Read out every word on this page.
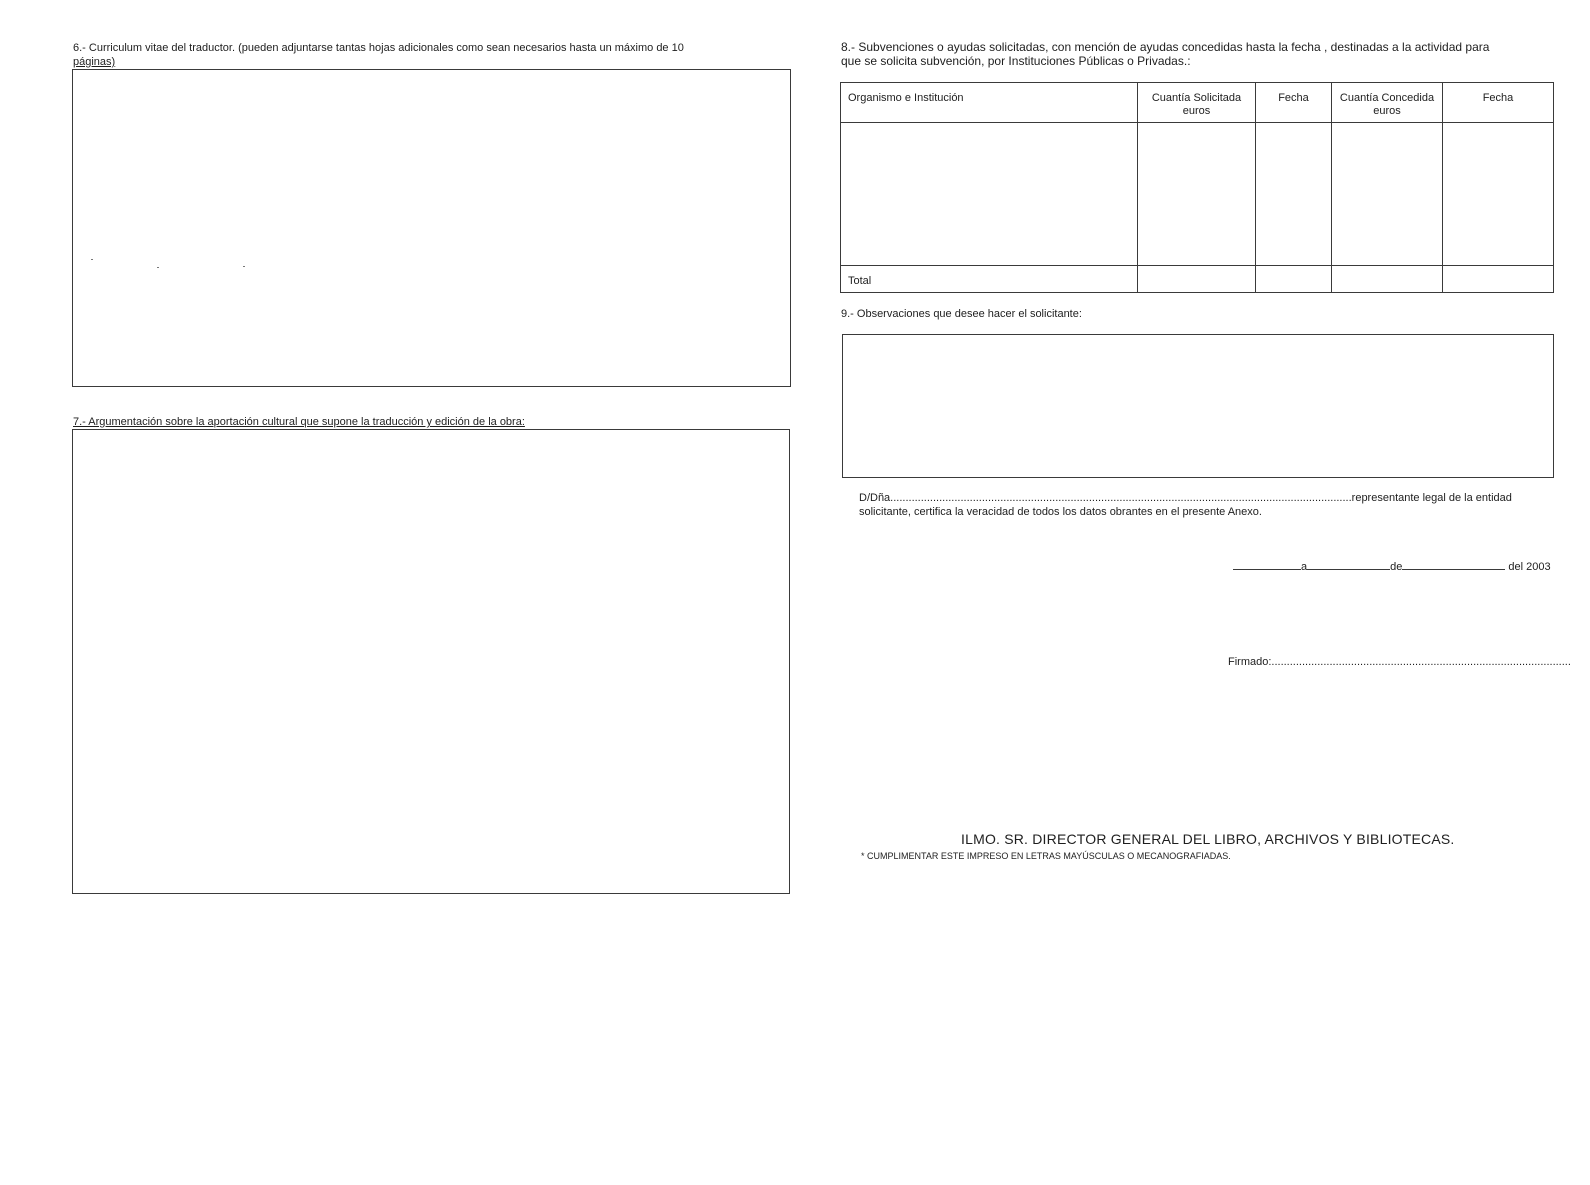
6.- Curriculum vitae del traductor. (pueden adjuntarse tantas hojas adicionales como sean necesarios hasta un máximo de 10
páginas)
7.- Argumentación sobre la aportación cultural que supone la traducción y edición de la obra:
8.- Subvenciones o ayudas solicitadas, con mención de ayudas concedidas hasta la fecha , destinadas a la actividad para
que se solicita subvención, por Instituciones Públicas o Privadas.:
Organismo e Institución	Cuantía Solicitada euros	Fecha	Cuantía Concedida euros	Fecha

Total				
9.- Observaciones que desee hacer el solicitante:
D/Dña.......................................................................................................................................................representante legal de la entidad
solicitante, certifica la veracidad de todos los datos obrantes en el presente Anexo.
a	de	del 2003
Firmado:..................................................................................................
ILMO. SR. DIRECTOR GENERAL DEL LIBRO, ARCHIVOS Y BIBLIOTECAS.
* CUMPLIMENTAR ESTE IMPRESO EN LETRAS MAYÚSCULAS O MECANOGRAFIADAS.
